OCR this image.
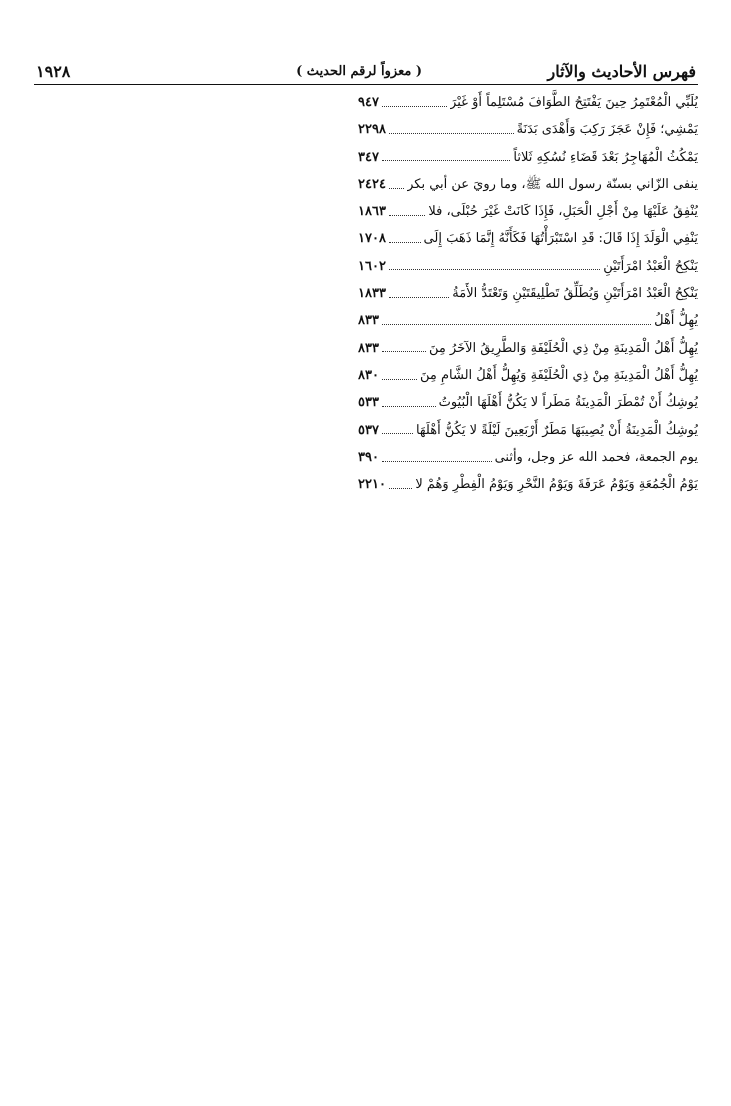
فهرس الأحاديث والآثار
( معزواً لرقم الحديث )
١٩٢٨
يُلَبِّي الْمُعْتَمِرُ حِينَ يَفْتَتِحُ الطَّوَافَ مُسْتَلِماً أَوْ غَيْرَ
٩٤٧
يَمْشِي؛ فَإِنْ عَجَزَ رَكِبَ وَأَهْدَى بَدَنَةً
٢٢٩٨
يَمْكُثُ الْمُهَاجِرُ بَعْدَ قَضَاءِ نُسُكِهِ ثَلاثاً
٣٤٧
ينفى الزّاني بسنّة رسول الله ﷺ، وما رويَ عن أبي بكر
٢٤٢٤
يُنْفِقُ عَلَيْهَا مِنْ أَجْلِ الْحَبَلِ، فَإِذَا كَانَتْ غَيْرَ حُبْلَى، فلا
١٨٦٣
يَنْفِي الْوَلَدَ إِذَا قَالَ: قَدِ اسْتَبْرَأْتُهَا فَكَأَنَّهُ إِنَّمَا ذَهَبَ إِلَى
١٧٠٨
يَنْكِحُ الْعَبْدُ امْرَأَتَيْنِ
١٦٠٢
يَنْكِحُ الْعَبْدُ امْرَأَتَيْنِ وَيُطَلِّقُ تَطْلِيقَتَيْنِ وَتَعْتَدُّ الأَمَةُ
١٨٣٣
يُهِلُّ أَهْلُ
٨٣٣
يُهِلُّ أَهْلُ الْمَدِينَةِ مِنْ ذِي الْحُلَيْفَةِ وَالطَّرِيقُ الآخَرُ مِنَ
٨٣٣
يُهِلُّ أَهْلُ الْمَدِينَةِ مِنْ ذِي الْحُلَيْفَةِ وَيُهِلُّ أَهْلُ الشَّامِ مِنَ
٨٣٠
يُوشِكُ أَنْ تُمْطَرَ الْمَدِينَةُ مَطَراً لا يَكُنُّ أَهْلَهَا الْبُيُوتُ
٥٣٣
يُوشِكُ الْمَدِينَةُ أَنْ يُصِيبَهَا مَطَرٌ أَرْبَعِينَ لَيْلَةً لا يَكُنُّ أَهْلَهَا
٥٣٧
يوم الجمعة، فحمد الله عز وجل، وأثنى
٣٩٠
يَوْمُ الْجُمُعَةِ وَيَوْمُ عَرَفَةَ وَيَوْمُ النَّحْرِ وَيَوْمُ الْفِطْرِ وَهُمْ لا
٢٢١٠
